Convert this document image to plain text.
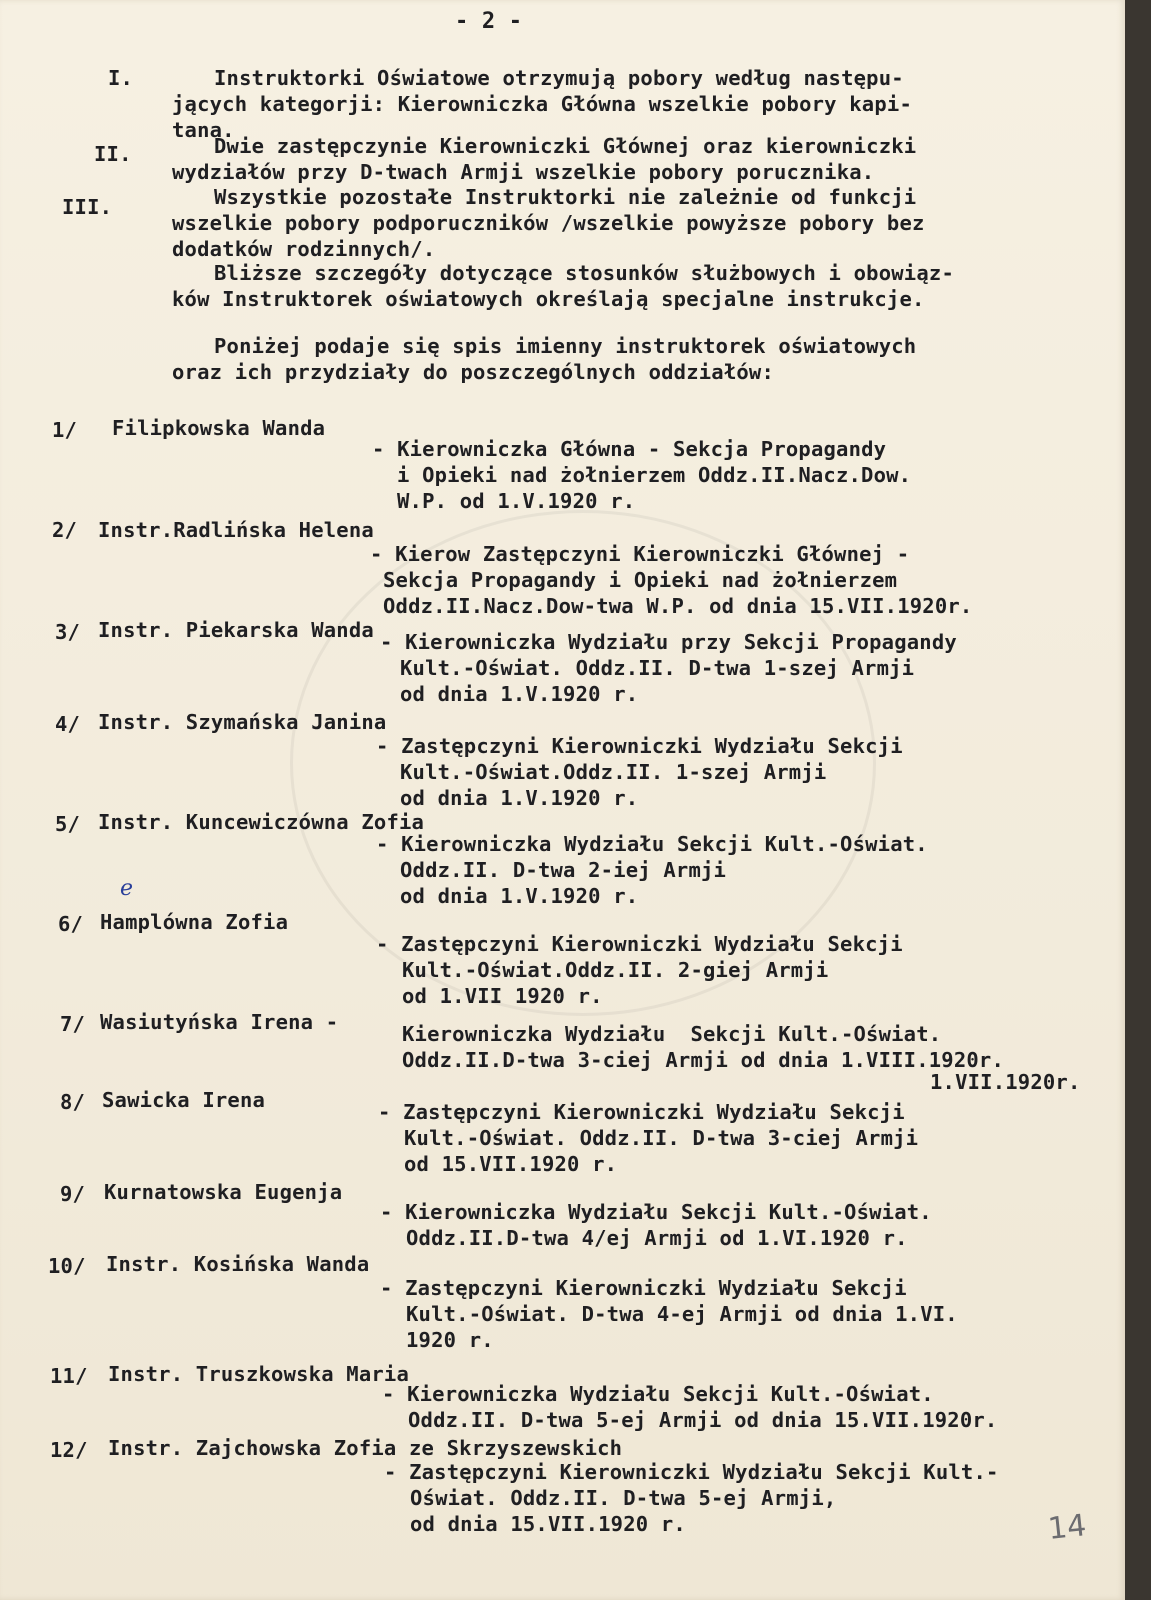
- 2 -
I.	Instruktorki Oświatowe otrzymują pobory według następu-
jących kategorji: Kierowniczka Główna wszelkie pobory kapi-
tana.
II.	Dwie zastępczynie Kierowniczki Głównej oraz kierowniczki
wydziałów przy D-twach Armji wszelkie pobory porucznika.
III.	Wszystkie pozostałe Instruktorki nie zależnie od funkcji
wszelkie pobory podporuczników /wszelkie powyższe pobory bez
dodatków rodzinnych/.
Bliższe szczegóły dotyczące stosunków służbowych i obowiąz-
ków Instruktorek oświatowych określają specjalne instrukcje.
Poniżej podaje się spis imienny instruktorek oświatowych
oraz ich przydziały do poszczególnych oddziałów:
1/ Filipkowska Wanda
- Kierowniczka Główna - Sekcja Propagandy
i Opieki nad żołnierzem Oddz.II.Nacz.Dow.
W.P. od 1.V.1920 r.
2/ Instr.Radlińska Helena
- Kierow Zastępczyni Kierowniczki Głównej -
Sekcja Propagandy i Opieki nad żołnierzem
Oddz.II.Nacz.Dow-twa W.P. od dnia 15.VII.1920r.
3/ Instr. Piekarska Wanda - Kierowniczka Wydziału przy Sekcji Propagandy
Kult.-Oświat. Oddz.II. D-twa 1-szej Armji
od dnia 1.V.1920 r.
4/ Instr. Szymańska Janina
- Zastępczyni Kierowniczki Wydziału Sekcji
Kult.-Oświat.Oddz.II. 1-szej Armji
od dnia 1.V.1920 r.
5/ Instr. Kuncewiczówna Zofia
- Kierowniczka Wydziału Sekcji Kult.-Oświat.
Oddz.II. D-twa 2-iej Armji
od dnia 1.V.1920 r.
e
6/ Hamplówna Zofia
- Zastępczyni Kierowniczki Wydziału Sekcji
Kult.-Oświat.Oddz.II. 2-giej Armji
od 1.VII 1920 r.
7/ Wasiutyńska Irena -	Kierowniczka Wydziału  Sekcji Kult.-Oświat.
Oddz.II.D-twa 3-ciej Armji od dnia 1.VIII.1920r.
1.VII.1920r.
8/ Sawicka Irena	- Zastępczyni Kierowniczki Wydziału Sekcji
Kult.-Oświat. Oddz.II. D-twa 3-ciej Armji
od 15.VII.1920 r.
9/ Kurnatowska Eugenja
- Kierowniczka Wydziału Sekcji Kult.-Oświat.
Oddz.II.D-twa 4/ej Armji od 1.VI.1920 r.
10/ Instr. Kosińska Wanda
- Zastępczyni Kierowniczki Wydziału Sekcji
Kult.-Oświat. D-twa 4-ej Armji od dnia 1.VI.
1920 r.
11/ Instr. Truszkowska Maria
- Kierowniczka Wydziału Sekcji Kult.-Oświat.
Oddz.II. D-twa 5-ej Armji od dnia 15.VII.1920r.
12/ Instr. Zajchowska Zofia ze Skrzyszewskich
- Zastępczyni Kierowniczki Wydziału Sekcji Kult.-
Oświat. Oddz.II. D-twa 5-ej Armji,
od dnia 15.VII.1920 r.	14
